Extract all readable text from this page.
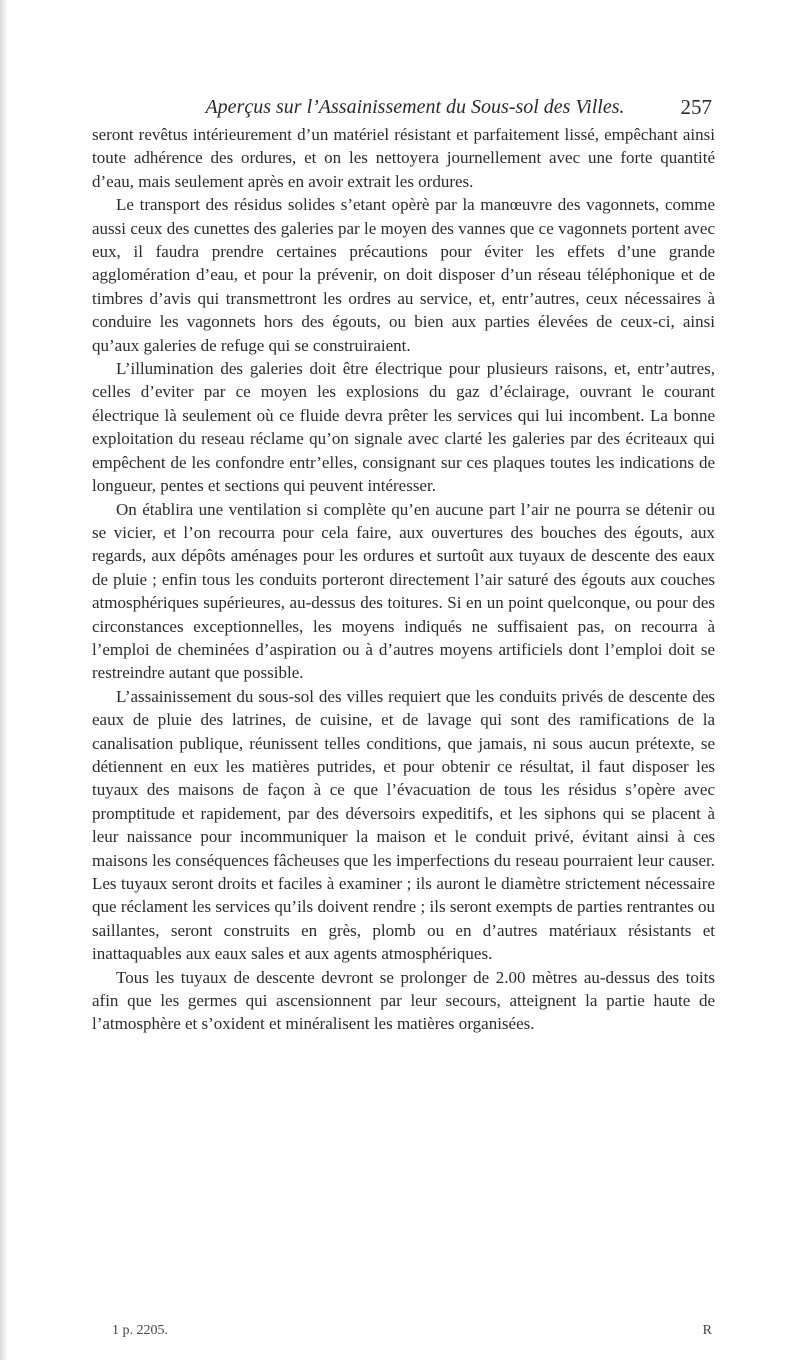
Aperçus sur l’Assainissement du Sous-sol des Villes.	257

seront revêtus intérieurement d’un matériel résistant et parfaitement lissé, empêchant ainsi toute adhérence des ordures, et on les nettoyera journellement avec une forte quantité d’eau, mais seulement après en avoir extrait les ordures.

Le transport des résidus solides s’etant opèrè par la manœuvre des vagonnets, comme aussi ceux des cunettes des galeries par le moyen des vannes que ce vagonnets portent avec eux, il faudra prendre certaines précautions pour éviter les effets d’une grande agglomération d’eau, et pour la prévenir, on doit disposer d’un réseau téléphonique et de timbres d’avis qui transmettront les ordres au service, et, entr’autres, ceux nécessaires à conduire les vagonnets hors des égouts, ou bien aux parties élevées de ceux-ci, ainsi qu’aux galeries de refuge qui se construiraient.

L’illumination des galeries doit être électrique pour plusieurs raisons, et, entr’autres, celles d’eviter par ce moyen les explosions du gaz d’éclairage, ouvrant le courant électrique là seulement où ce fluide devra prêter les services qui lui incombent. La bonne exploitation du reseau réclame qu’on signale avec clarté les galeries par des écriteaux qui empêchent de les confondre entr’elles, consignant sur ces plaques toutes les indications de longueur, pentes et sections qui peuvent intéresser.

On établira une ventilation si complète qu’en aucune part l’air ne pourra se détenir ou se vicier, et l’on recourra pour cela faire, aux ouvertures des bouches des égouts, aux regards, aux dépôts aménages pour les ordures et surtoût aux tuyaux de descente des eaux de pluie ; enfin tous les conduits porteront directement l’air saturé des égouts aux couches atmosphériques supérieures, au-dessus des toitures. Si en un point quelconque, ou pour des circonstances exceptionnelles, les moyens indiqués ne suffisaient pas, on recourra à l’emploi de cheminées d’aspiration ou à d’autres moyens artificiels dont l’emploi doit se restreindre autant que possible.

L’assainissement du sous-sol des villes requiert que les conduits privés de descente des eaux de pluie des latrines, de cuisine, et de lavage qui sont des ramifications de la canalisation publique, réunissent telles conditions, que jamais, ni sous aucun prétexte, se détiennent en eux les matières putrides, et pour obtenir ce résultat, il faut disposer les tuyaux des maisons de façon à ce que l’évacuation de tous les résidus s’opère avec promptitude et rapidement, par des déversoirs expeditifs, et les siphons qui se placent à leur naissance pour incommuniquer la maison et le conduit privé, évitant ainsi à ces maisons les conséquences fâcheuses que les imperfections du reseau pourraient leur causer. Les tuyaux seront droits et faciles à examiner ; ils auront le diamètre strictement nécessaire que réclament les services qu’ils doivent rendre ; ils seront exempts de parties rentrantes ou saillantes, seront construits en grès, plomb ou en d’autres matériaux résistants et inattaquables aux eaux sales et aux agents atmosphériques.

Tous les tuyaux de descente devront se prolonger de 2.00 mètres au-dessus des toits afin que les germes qui ascensionnent par leur secours, atteignent la partie haute de l’atmosphère et s’oxident et minéralisent les matières organisées.

1 p. 2205.	R
